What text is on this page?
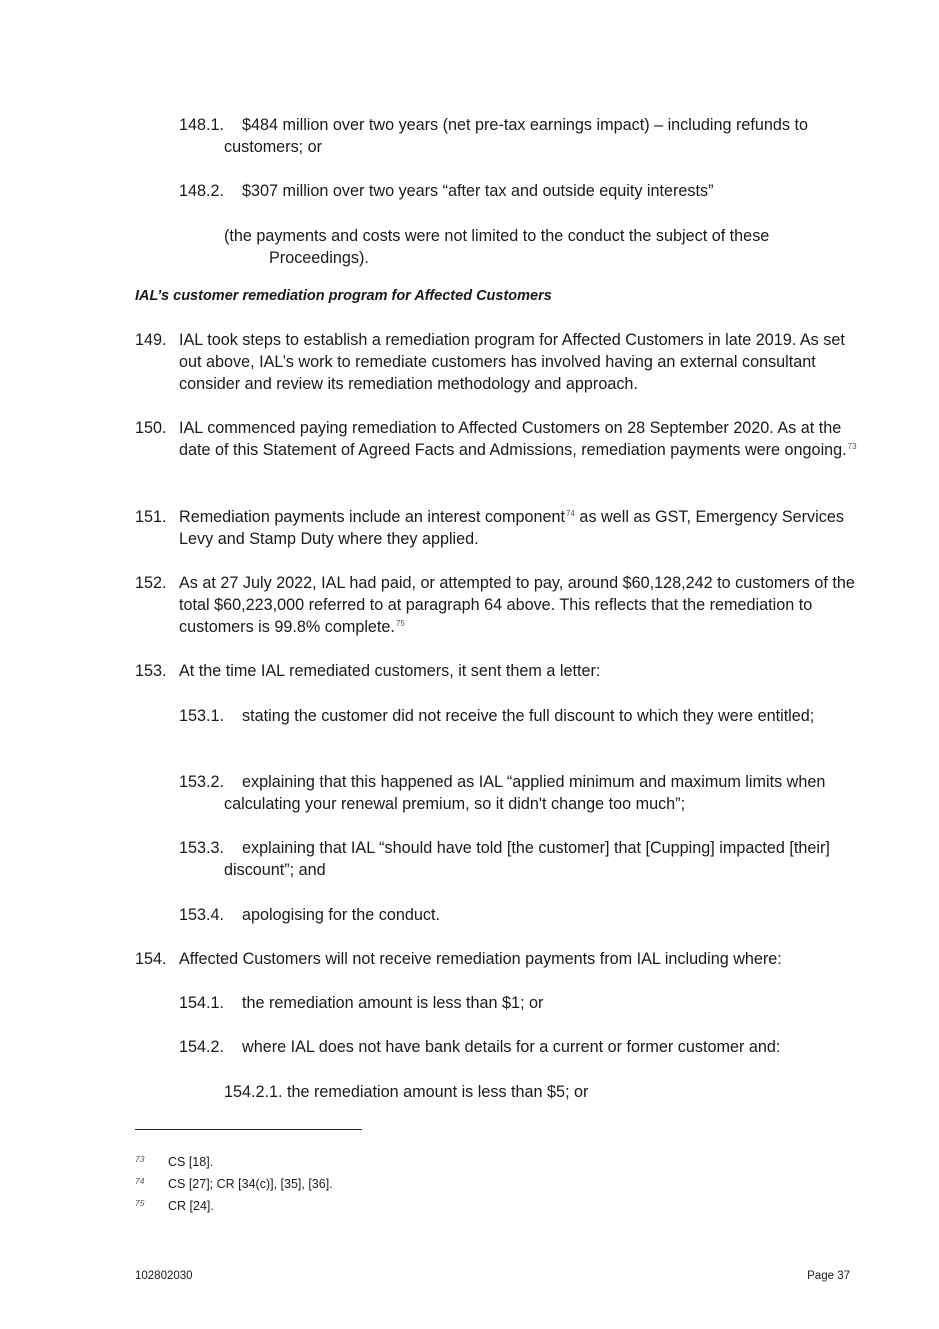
148.1. $484 million over two years (net pre-tax earnings impact) – including refunds to customers; or

148.2. $307 million over two years “after tax and outside equity interests”

(the payments and costs were not limited to the conduct the subject of these Proceedings).

IAL’s customer remediation program for Affected Customers
149. IAL took steps to establish a remediation program for Affected Customers in late 2019. As set out above, IAL’s work to remediate customers has involved having an external consultant consider and review its remediation methodology and approach.
150. IAL commenced paying remediation to Affected Customers on 28 September 2020. As at the date of this Statement of Agreed Facts and Admissions, remediation payments were ongoing.$^{73}$
151. Remediation payments include an interest component$^{74}$ as well as GST, Emergency Services Levy and Stamp Duty where they applied.
152. As at 27 July 2022, IAL had paid, or attempted to pay, around $60,128,242 to customers of the total $60,223,000 referred to at paragraph 64 above. This reflects that the remediation to customers is 99.8% complete.$^{75}$
153. At the time IAL remediated customers, it sent them a letter:

153.1. stating the customer did not receive the full discount to which they were entitled;

153.2. explaining that this happened as IAL “applied minimum and maximum limits when calculating your renewal premium, so it didn't change too much”;

153.3. explaining that IAL “should have told [the customer] that [Cupping] impacted [their] discount”; and

153.4. apologising for the conduct.

154. Affected Customers will not receive remediation payments from IAL including where:

154.1. the remediation amount is less than $1; or

154.2. where IAL does not have bank details for a current or former customer and:

154.2.1. the remediation amount is less than $5; or

73 CS [18].
74 CS [27]; CR [34(c)], [35], [36].
75 CR [24].
102802030	Page 37
